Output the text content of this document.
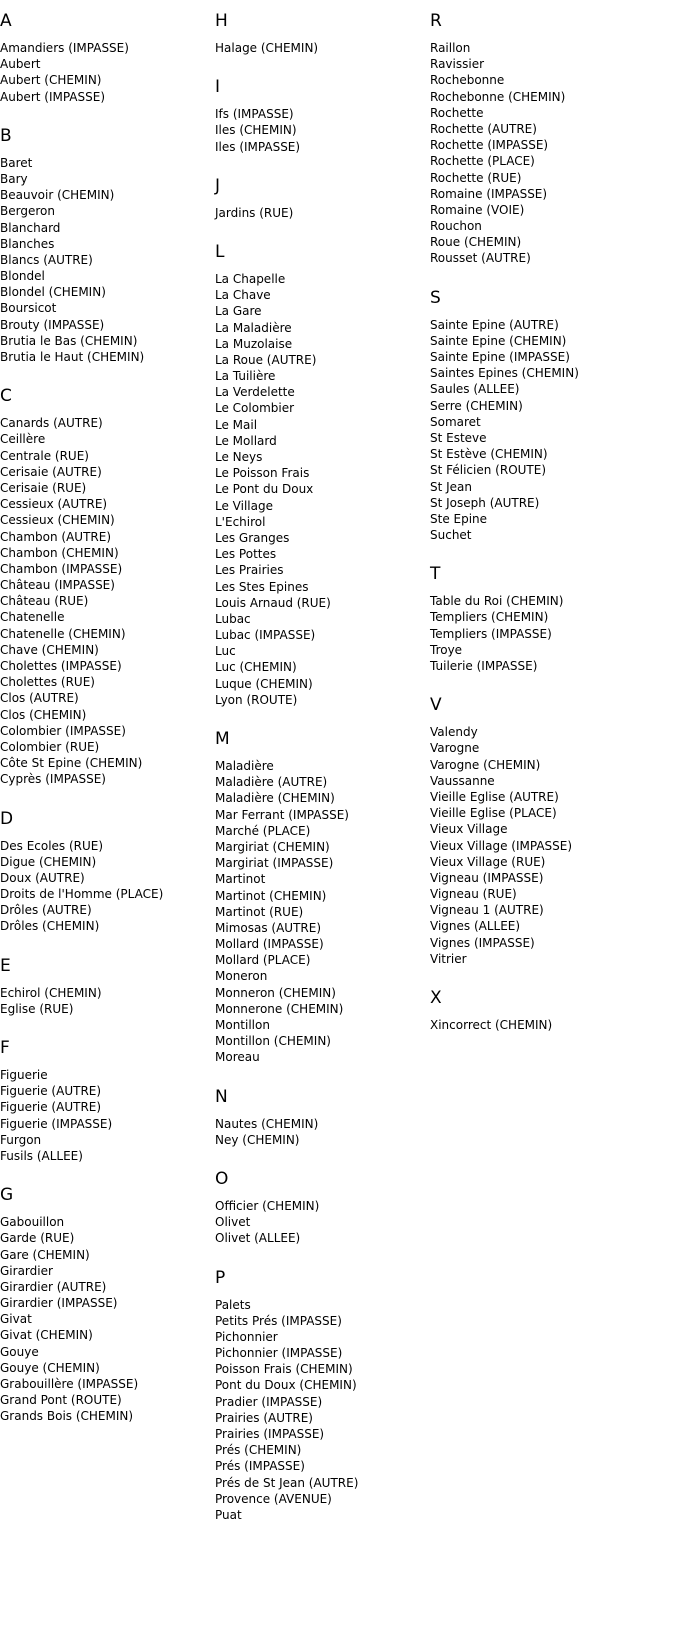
A
Amandiers (IMPASSE)
Aubert
Aubert (CHEMIN)
Aubert (IMPASSE)
B
Baret
Bary
Beauvoir (CHEMIN)
Bergeron
Blanchard
Blanches
Blancs (AUTRE)
Blondel
Blondel (CHEMIN)
Boursicot
Brouty (IMPASSE)
Brutia le Bas (CHEMIN)
Brutia le Haut (CHEMIN)
C
Canards (AUTRE)
Ceillère
Centrale (RUE)
Cerisaie (AUTRE)
Cerisaie (RUE)
Cessieux (AUTRE)
Cessieux (CHEMIN)
Chambon (AUTRE)
Chambon (CHEMIN)
Chambon (IMPASSE)
Château (IMPASSE)
Château (RUE)
Chatenelle
Chatenelle (CHEMIN)
Chave (CHEMIN)
Cholettes (IMPASSE)
Cholettes (RUE)
Clos (AUTRE)
Clos (CHEMIN)
Colombier (IMPASSE)
Colombier (RUE)
Côte St Epine (CHEMIN)
Cyprès (IMPASSE)
D
Des Ecoles (RUE)
Digue (CHEMIN)
Doux (AUTRE)
Droits de l'Homme (PLACE)
Drôles (AUTRE)
Drôles (CHEMIN)
E
Echirol (CHEMIN)
Eglise (RUE)
F
Figuerie
Figuerie (AUTRE)
Figuerie (AUTRE)
Figuerie (IMPASSE)
Furgon
Fusils (ALLEE)
G
Gabouillon
Garde (RUE)
Gare (CHEMIN)
Girardier
Girardier (AUTRE)
Girardier (IMPASSE)
Givat
Givat (CHEMIN)
Gouye
Gouye (CHEMIN)
Grabouillère (IMPASSE)
Grand Pont (ROUTE)
Grands Bois (CHEMIN)
H
Halage (CHEMIN)
I
Ifs (IMPASSE)
Iles (CHEMIN)
Iles (IMPASSE)
J
Jardins (RUE)
L
La Chapelle
La Chave
La Gare
La Maladière
La Muzolaise
La Roue (AUTRE)
La Tuilière
La Verdelette
Le Colombier
Le Mail
Le Mollard
Le Neys
Le Poisson Frais
Le Pont du Doux
Le Village
L'Echirol
Les Granges
Les Pottes
Les Prairies
Les Stes Epines
Louis Arnaud (RUE)
Lubac
Lubac (IMPASSE)
Luc
Luc (CHEMIN)
Luque (CHEMIN)
Lyon (ROUTE)
M
Maladière
Maladière (AUTRE)
Maladière (CHEMIN)
Mar Ferrant (IMPASSE)
Marché (PLACE)
Margiriat (CHEMIN)
Margiriat (IMPASSE)
Martinot
Martinot (CHEMIN)
Martinot (RUE)
Mimosas (AUTRE)
Mollard (IMPASSE)
Mollard (PLACE)
Moneron
Monneron (CHEMIN)
Monnerone (CHEMIN)
Montillon
Montillon (CHEMIN)
Moreau
N
Nautes (CHEMIN)
Ney (CHEMIN)
O
Officier (CHEMIN)
Olivet
Olivet (ALLEE)
P
Palets
Petits Prés (IMPASSE)
Pichonnier
Pichonnier (IMPASSE)
Poisson Frais (CHEMIN)
Pont du Doux (CHEMIN)
Pradier (IMPASSE)
Prairies (AUTRE)
Prairies (IMPASSE)
Prés (CHEMIN)
Prés (IMPASSE)
Prés de St Jean (AUTRE)
Provence (AVENUE)
Puat
R
Raillon
Ravissier
Rochebonne
Rochebonne (CHEMIN)
Rochette
Rochette (AUTRE)
Rochette (IMPASSE)
Rochette (PLACE)
Rochette (RUE)
Romaine (IMPASSE)
Romaine (VOIE)
Rouchon
Roue (CHEMIN)
Rousset (AUTRE)
S
Sainte Epine (AUTRE)
Sainte Epine (CHEMIN)
Sainte Epine (IMPASSE)
Saintes Epines (CHEMIN)
Saules (ALLEE)
Serre (CHEMIN)
Somaret
St Esteve
St Estève (CHEMIN)
St Félicien (ROUTE)
St Jean
St Joseph (AUTRE)
Ste Epine
Suchet
T
Table du Roi (CHEMIN)
Templiers (CHEMIN)
Templiers (IMPASSE)
Troye
Tuilerie (IMPASSE)
V
Valendy
Varogne
Varogne (CHEMIN)
Vaussanne
Vieille Eglise (AUTRE)
Vieille Eglise (PLACE)
Vieux Village
Vieux Village (IMPASSE)
Vieux Village (RUE)
Vigneau (IMPASSE)
Vigneau (RUE)
Vigneau 1 (AUTRE)
Vignes (ALLEE)
Vignes (IMPASSE)
Vitrier
X
Xincorrect (CHEMIN)
